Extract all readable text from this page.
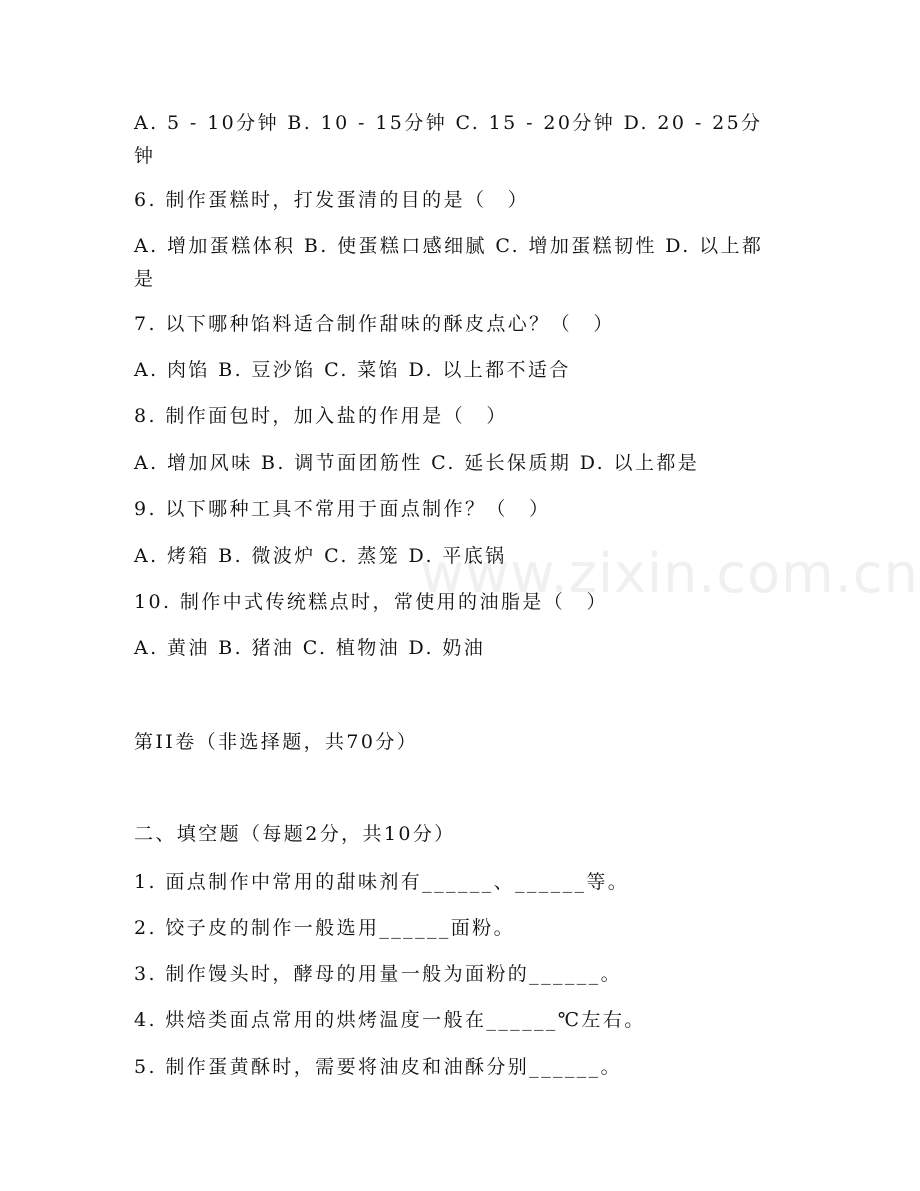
www.zixin.com.cn
A. 5 - 10分钟 B. 10 - 15分钟 C. 15 - 20分钟 D. 20 - 25分钟
6. 制作蛋糕时，打发蛋清的目的是（　）
A. 增加蛋糕体积 B. 使蛋糕口感细腻 C. 增加蛋糕韧性 D. 以上都是
7. 以下哪种馅料适合制作甜味的酥皮点心？（　）
A. 肉馅 B. 豆沙馅 C. 菜馅 D. 以上都不适合
8. 制作面包时，加入盐的作用是（　）
A. 增加风味 B. 调节面团筋性 C. 延长保质期 D. 以上都是
9. 以下哪种工具不常用于面点制作？（　）
A. 烤箱 B. 微波炉 C. 蒸笼 D. 平底锅
10. 制作中式传统糕点时，常使用的油脂是（　）
A. 黄油 B. 猪油 C. 植物油 D. 奶油
第II卷（非选择题，共70分）
二、填空题（每题2分，共10分）
1. 面点制作中常用的甜味剂有______、______等。
2. 饺子皮的制作一般选用______面粉。
3. 制作馒头时，酵母的用量一般为面粉的______。
4. 烘焙类面点常用的烘烤温度一般在______℃左右。
5. 制作蛋黄酥时，需要将油皮和油酥分别______。
